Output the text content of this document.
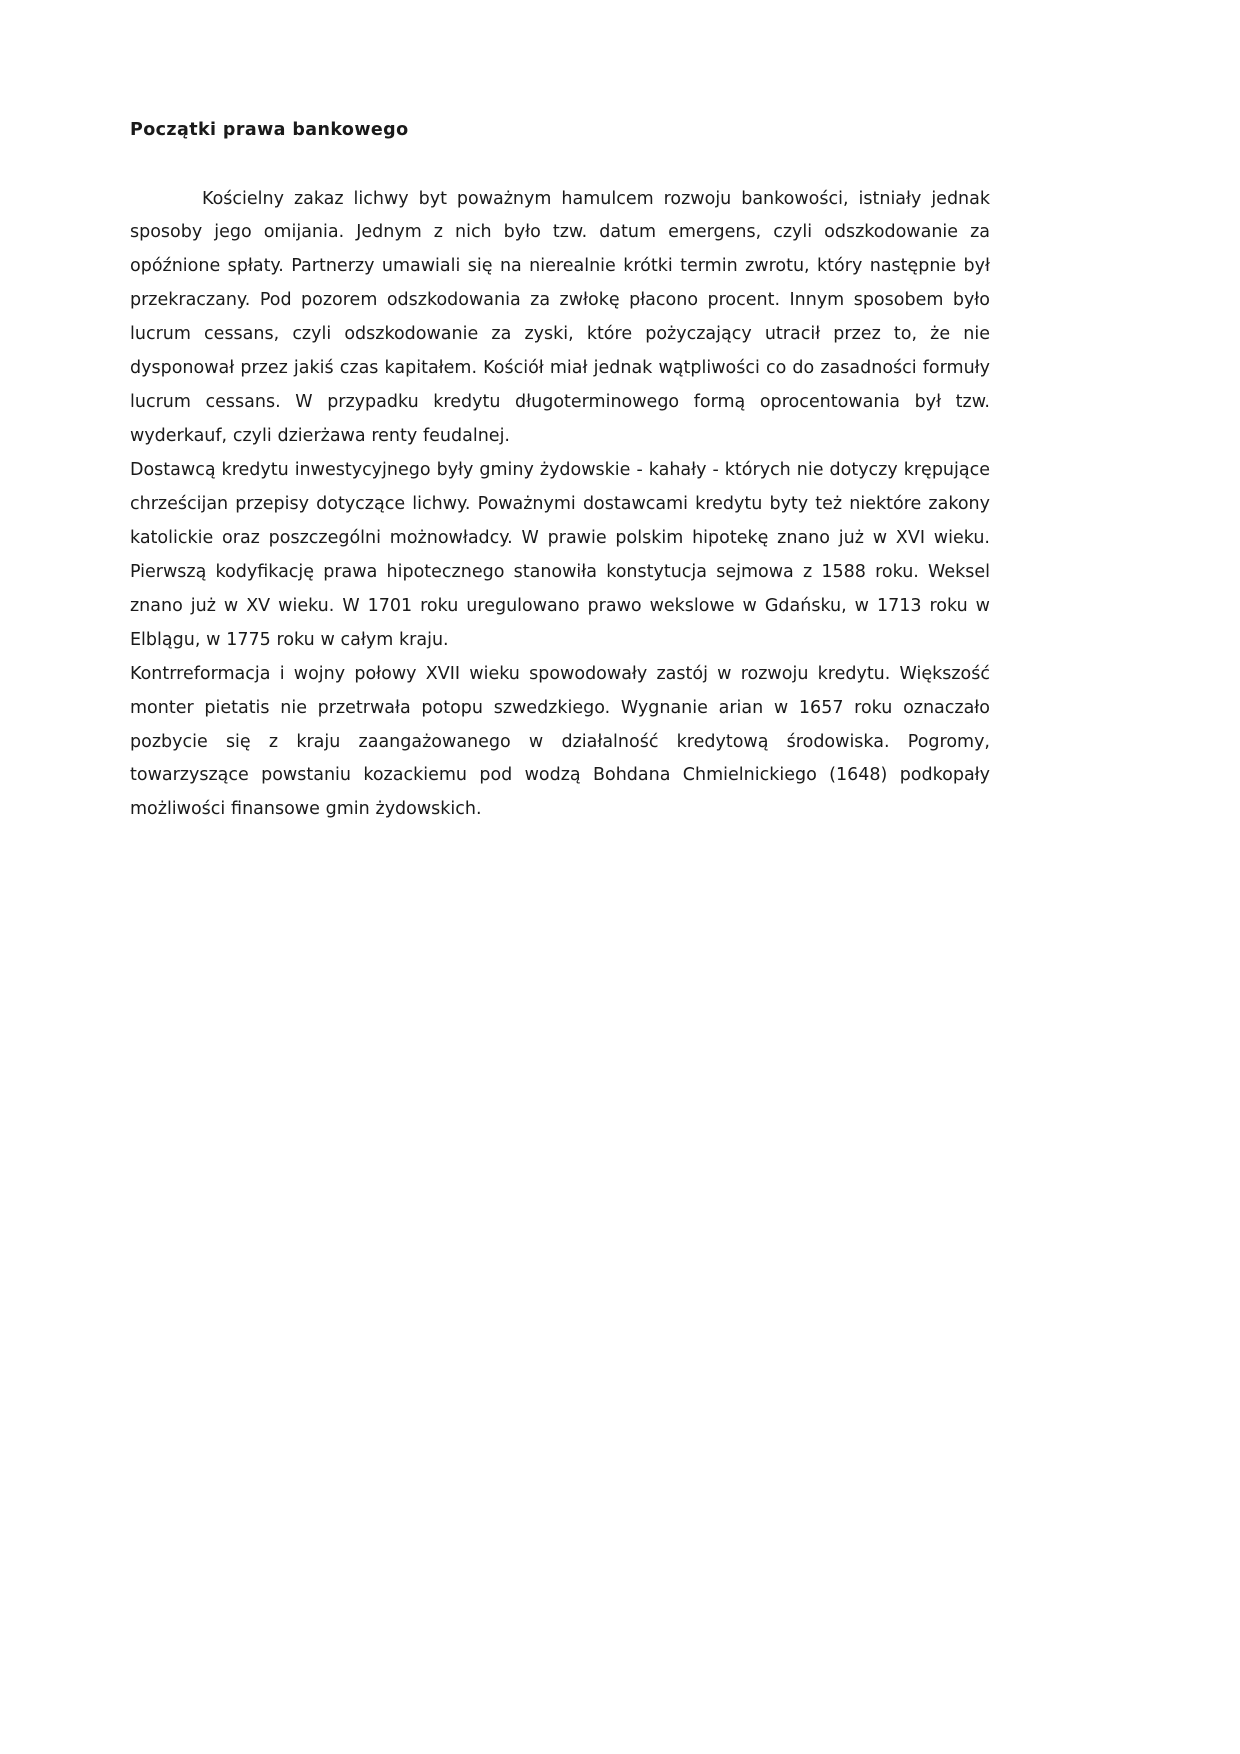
Początki prawa bankowego

Kościelny zakaz lichwy byt poważnym hamulcem rozwoju bankowości, istniały jednak sposoby jego omijania. Jednym z nich było tzw. datum emergens, czyli odszkodowanie za opóźnione spłaty. Partnerzy umawiali się na nierealnie krótki termin zwrotu, który następnie był przekraczany. Pod pozorem odszkodowania za zwłokę płacono procent. Innym sposobem było lucrum cessans, czyli odszkodowanie za zyski, które pożyczający utracił przez to, że nie dysponował przez jakiś czas kapitałem. Kościół miał jednak wątpliwości co do zasadności formuły lucrum cessans. W przypadku kredytu długoterminowego formą oprocentowania był tzw. wyderkauf, czyli dzierżawa renty feudalnej.

Dostawcą kredytu inwestycyjnego były gminy żydowskie - kahały - których nie dotyczy krępujące chrześcijan przepisy dotyczące lichwy. Poważnymi dostawcami kredytu byty też niektóre zakony katolickie oraz poszczególni możnowładcy. W prawie polskim hipotekę znano już w XVI wieku. Pierwszą kodyfikację prawa hipotecznego stanowiła konstytucja sejmowa z 1588 roku. Weksel znano już w XV wieku. W 1701 roku uregulowano prawo wekslowe w Gdańsku, w 1713 roku w Elblągu, w 1775 roku w całym kraju.

Kontrreformacja i wojny połowy XVII wieku spowodowały zastój w rozwoju kredytu. Większość monter pietatis nie przetrwała potopu szwedzkiego. Wygnanie arian w 1657 roku oznaczało pozbycie się z kraju zaangażowanego w działalność kredytową środowiska. Pogromy, towarzyszące powstaniu kozackiemu pod wodzą Bohdana Chmielnickiego (1648) podkopały możliwości finansowe gmin żydowskich.
